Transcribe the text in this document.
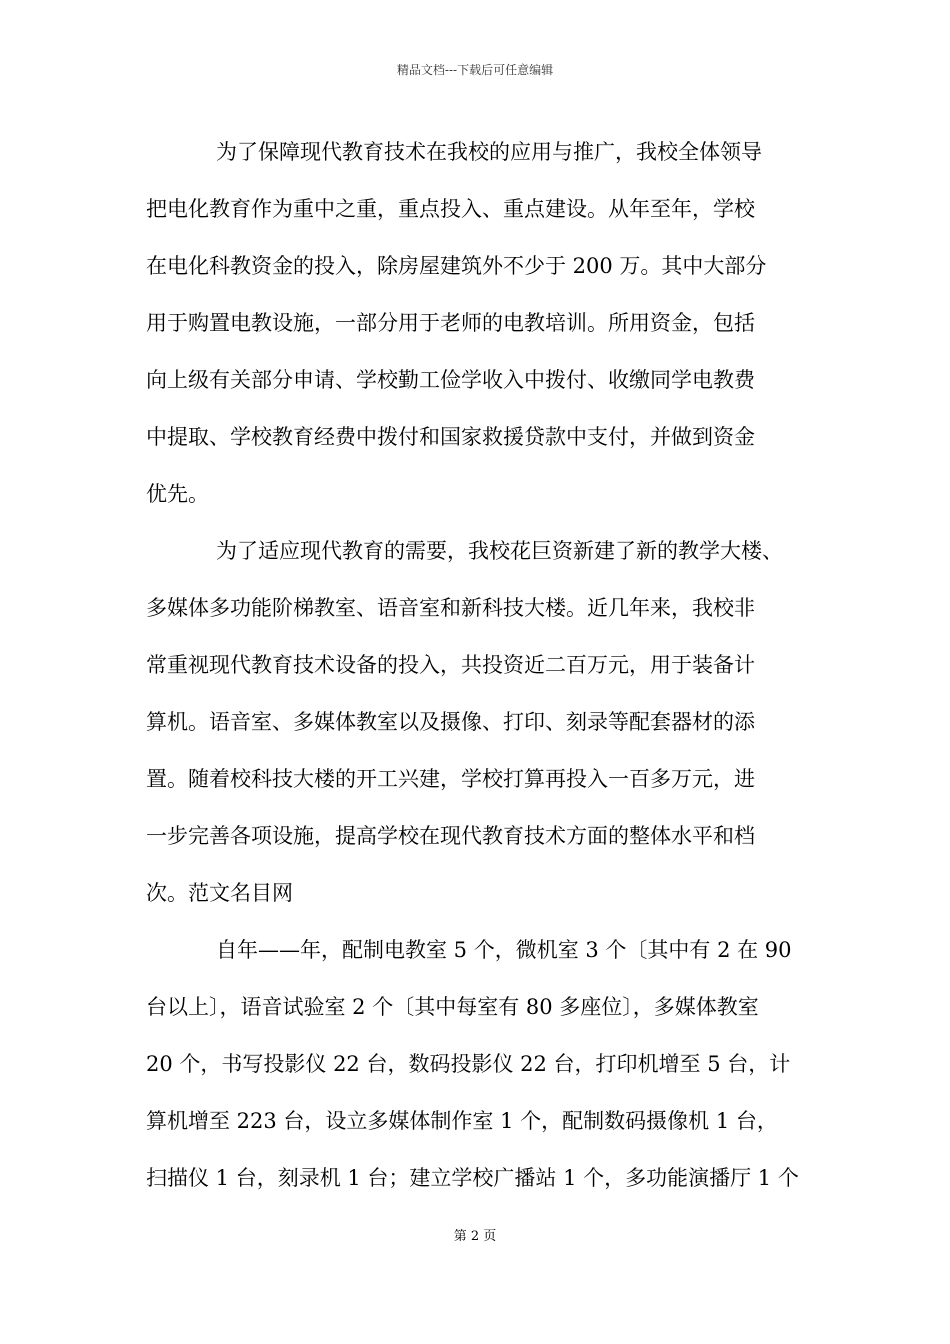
精品文档---下载后可任意编辑
为了保障现代教育技术在我校的应用与推广，我校全体领导
把电化教育作为重中之重，重点投入、重点建设。从年至年，学校
在电化科教资金的投入，除房屋建筑外不少于 200 万。其中大部分
用于购置电教设施，一部分用于老师的电教培训。所用资金，包括
向上级有关部分申请、学校勤工俭学收入中拨付、收缴同学电教费
中提取、学校教育经费中拨付和国家救援贷款中支付，并做到资金
优先。
为了适应现代教育的需要，我校花巨资新建了新的教学大楼、
多媒体多功能阶梯教室、语音室和新科技大楼。近几年来，我校非
常重视现代教育技术设备的投入，共投资近二百万元，用于装备计
算机。语音室、多媒体教室以及摄像、打印、刻录等配套器材的添
置。随着校科技大楼的开工兴建，学校打算再投入一百多万元，进
一步完善各项设施，提高学校在现代教育技术方面的整体水平和档
次。范文名目网
自年——年，配制电教室 5 个，微机室 3 个〔其中有 2 在 90
台以上〕，语音试验室 2 个〔其中每室有 80 多座位〕，多媒体教室
20 个，书写投影仪 22 台，数码投影仪 22 台，打印机增至 5 台，计
算机增至 223 台，设立多媒体制作室 1 个，配制数码摄像机 1 台，
扫描仪 1 台，刻录机 1 台；建立学校广播站 1 个，多功能演播厅 1 个
第 2 页
